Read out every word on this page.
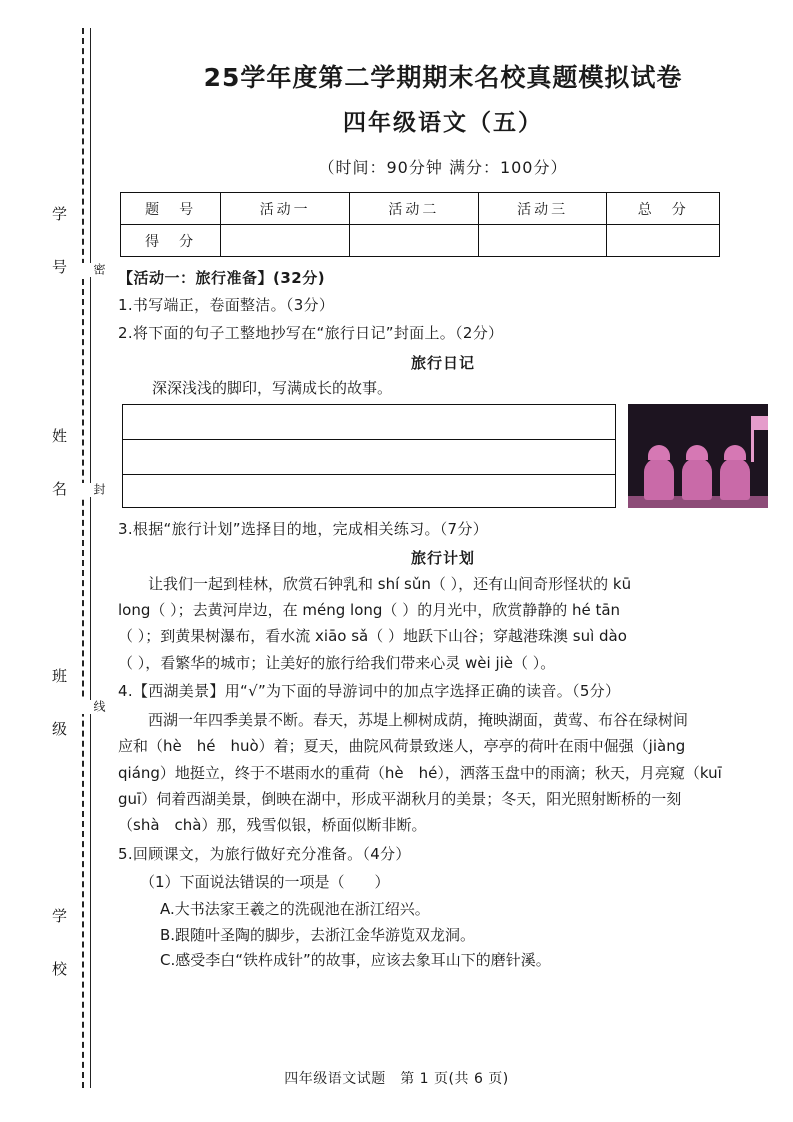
学 号
姓 名
班 级
学 校
密
封
线
25学年度第二学期期末名校真题模拟试卷
四年级语文（五）
（时间：90分钟 满分：100分）
题　号	活动一	活动二	活动三	总　分
得　分				
【活动一：旅行准备】(32分)
1.书写端正，卷面整洁。（3分）
2.将下面的句子工整地抄写在“旅行日记”封面上。（2分）
旅行日记
深深浅浅的脚印，写满成长的故事。
3.根据“旅行计划”选择目的地，完成相关练习。（7分）
旅行计划
让我们一起到桂林，欣赏石钟乳和 shí sǔn（ ），还有山间奇形怪状的 kū
long（ ）；去黄河岸边，在 méng long（ ）的月光中，欣赏静静的 hé tān
（ ）；到黄果树瀑布，看水流 xiāo sǎ（ ）地跃下山谷；穿越港珠澳 suì dào
（ ），看繁华的城市；让美好的旅行给我们带来心灵 wèi jiè（ ）。
4.【西湖美景】用“√”为下面的导游词中的加点字选择正确的读音。（5分）
西湖一年四季美景不断。春天，苏堤上柳树成荫，掩映湖面，黄莺、布谷在绿树间
应和（hè　hé　huò）着；夏天，曲院风荷景致迷人，亭亭的荷叶在雨中倔强（jiàng
qiáng）地挺立，终于不堪雨水的重荷（hè　hé），洒落玉盘中的雨滴；秋天，月亮窥（kuī
guī）伺着西湖美景，倒映在湖中，形成平湖秋月的美景；冬天，阳光照射断桥的一刻
（shà　chà）那，残雪似银，桥面似断非断。
5.回顾课文，为旅行做好充分准备。（4分）
（1）下面说法错误的一项是（　　）
A.大书法家王羲之的洗砚池在浙江绍兴。
B.跟随叶圣陶的脚步，去浙江金华游览双龙洞。
C.感受李白“铁杵成针”的故事，应该去象耳山下的磨针溪。
四年级语文试题　第 1 页(共 6 页)
